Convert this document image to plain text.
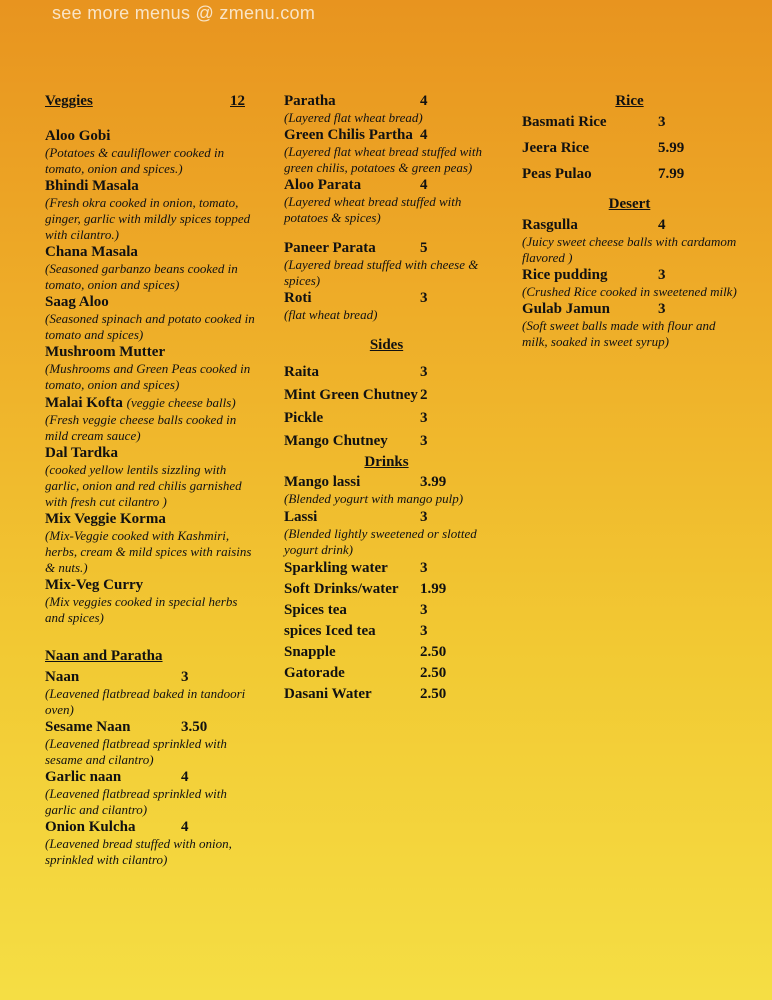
see more menus @ zmenu.com
Veggies	12
Aloo Gobi
(Potatoes & cauliflower cooked in tomato, onion and spices.)
Bhindi Masala
(Fresh okra cooked in onion, tomato, ginger, garlic with mildly spices topped with cilantro.)
Chana Masala
(Seasoned garbanzo beans cooked in tomato, onion and spices)
Saag Aloo
(Seasoned spinach and potato cooked in tomato and spices)
Mushroom Mutter
(Mushrooms and Green Peas cooked in tomato, onion and spices)
Malai Kofta (veggie cheese balls)
(Fresh veggie cheese balls cooked in mild cream sauce)
Dal Tardka
(cooked yellow lentils sizzling with garlic, onion and red chilis garnished with fresh cut cilantro )
Mix Veggie Korma
(Mix-Veggie cooked with Kashmiri, herbs, cream & mild spices with raisins & nuts.)
Mix-Veg Curry
(Mix veggies cooked in special herbs and spices)
Naan and Paratha
Naan	3
(Leavened flatbread baked in tandoori oven)
Sesame Naan	3.50
(Leavened flatbread sprinkled with sesame and cilantro)
Garlic naan	4
(Leavened flatbread sprinkled with garlic and cilantro)
Onion Kulcha	4
(Leavened bread stuffed with onion, sprinkled with cilantro)
Paratha	4
(Layered flat wheat bread)
Green Chilis Partha 4
(Layered flat wheat bread stuffed with green chilis, potatoes & green peas)
Aloo Parata	4
(Layered wheat bread stuffed with potatoes & spices)
Paneer Parata	5
(Layered bread stuffed with cheese & spices)
Roti	3
(flat wheat bread)
Sides
Raita	3
Mint Green Chutney 2
Pickle	3
Mango Chutney	3
Drinks
Mango lassi	3.99
(Blended yogurt with mango pulp)
Lassi	3
(Blended lightly sweetened or slotted yogurt drink)
Sparkling water	3
Soft Drinks/water	1.99
Spices tea	3
spices Iced tea	3
Snapple	2.50
Gatorade	2.50
Dasani Water	2.50
Rice
Basmati Rice	3
Jeera Rice	5.99
Peas Pulao	7.99
Desert
Rasgulla	4
(Juicy sweet cheese balls with cardamom flavored )
Rice pudding	3
(Crushed Rice cooked in sweetened milk)
Gulab Jamun	3
(Soft sweet balls made with flour and milk, soaked in sweet syrup)
